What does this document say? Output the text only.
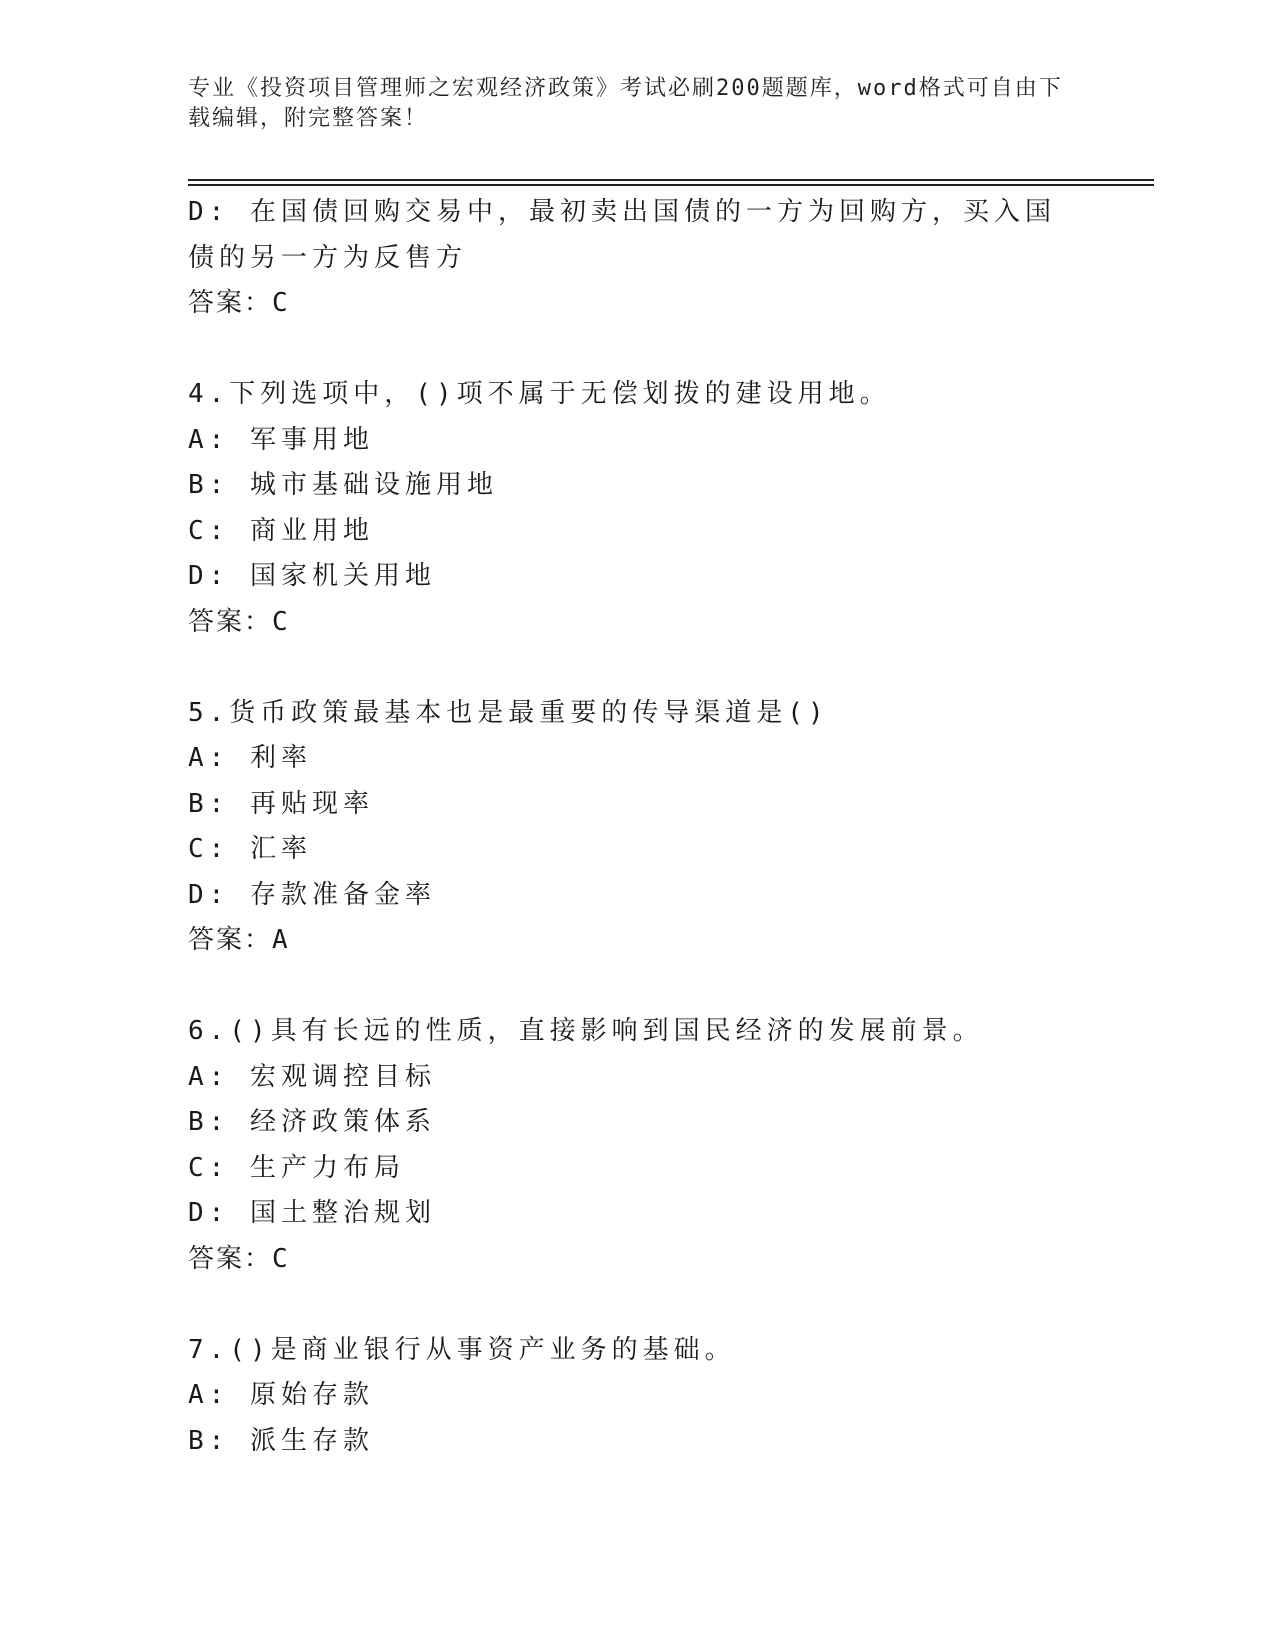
专业《投资项目管理师之宏观经济政策》考试必刷200题题库，word格式可自由下载编辑，附完整答案！
D: 在国债回购交易中，最初卖出国债的一方为回购方，买入国债的另一方为反售方
答案：C
4.下列选项中，()项不属于无偿划拨的建设用地。
A: 军事用地
B: 城市基础设施用地
C: 商业用地
D: 国家机关用地
答案：C
5.货币政策最基本也是最重要的传导渠道是()
A: 利率
B: 再贴现率
C: 汇率
D: 存款准备金率
答案：A
6.()具有长远的性质，直接影响到国民经济的发展前景。
A: 宏观调控目标
B: 经济政策体系
C: 生产力布局
D: 国土整治规划
答案：C
7.()是商业银行从事资产业务的基础。
A: 原始存款
B: 派生存款
